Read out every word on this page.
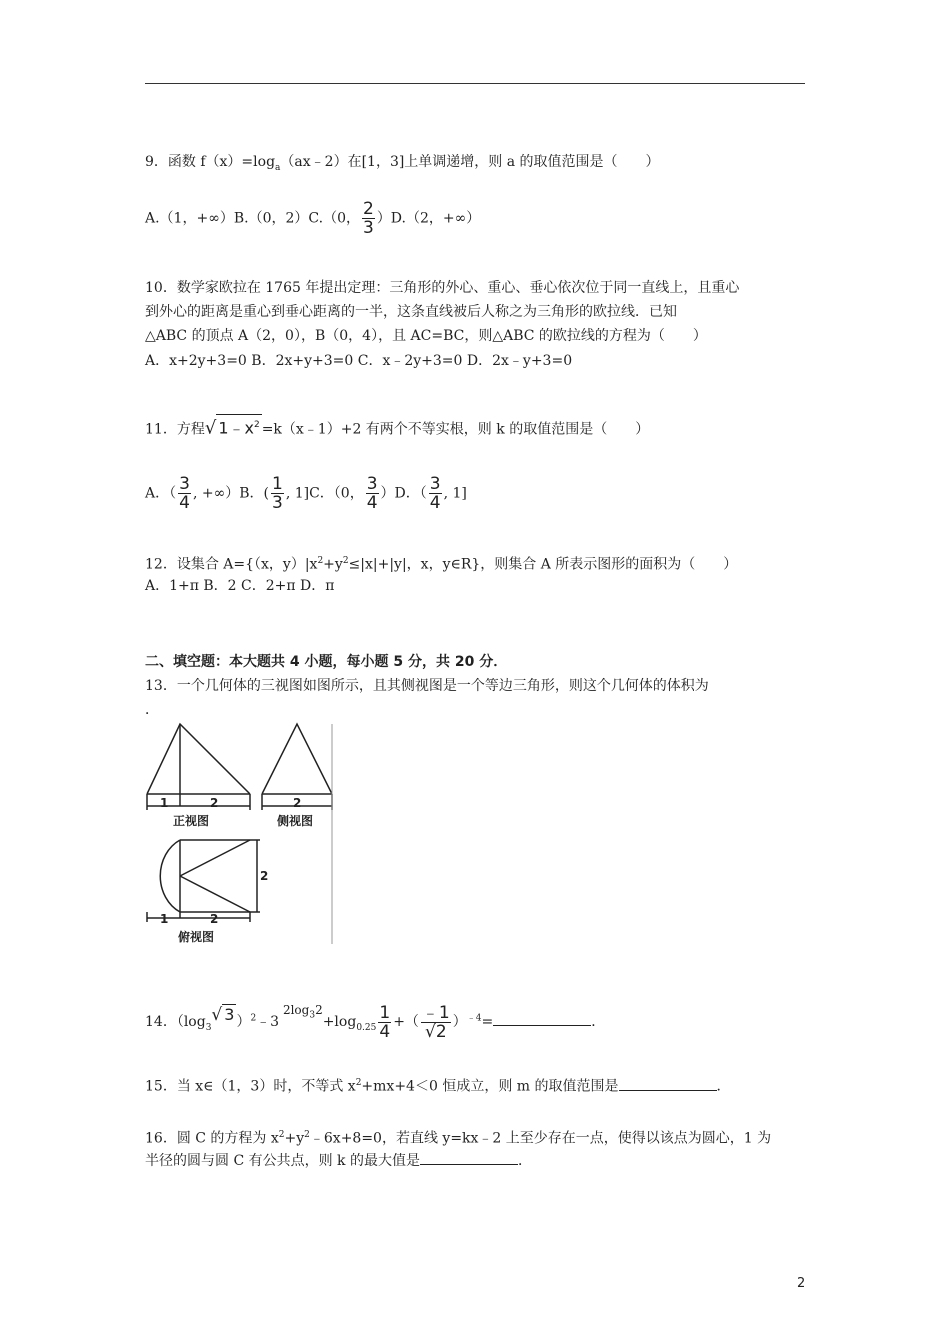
9．函数 $f(x)=\log_a(ax﹣2)$在[1，3]上单调递增，则 a 的取值范围是（　　）
A.（1，+∞）B.（0，2）C.（0， $\frac{2}{3} )D.(2$，+∞）
10．数学家欧拉在 1765 年提出定理：三角形的外心、重心、垂心依次位于同一直线上，且重心
到外心的距离是重心到垂心距离的一半，这条直线被后人称之为三角形的欧拉线．已知
△ABC 的顶点 A（2，0），B（0，4），且 AC=BC，则△ABC 的欧拉线的方程为（　　）
A．x+2y+3=0 B．2x+y+3=0 C．x﹣2y+3=0 D．2x﹣y+3=0
11．方程√ $1﹣x^2$ =k（x﹣1）+2 有两个不等实根，则 k 的取值范围是（　　）
A．（ $\frac{3}{4}$ , +∞）B．( $\frac{1}{3}$ , 1]C．（0， $\frac{3}{4} )D$．（ $\frac{3}{4}$ , 1]
12．设集合 A={（x，$y)|x^2+y^2\le|x|+|y|$，x，y∈R}，则集合 A 所表示图形的面积为（　　）
A．1+π B．2 C．2+π D．π
二、填空题：本大题共 4 小题，每小题 5 分，共 20 分．
13．一个几何体的三视图如图所示，且其侧视图是一个等边三角形，则这个几何体的体积为
．
1	2	2
正视图	侧视图
2
1	2
俯视图
14．（$\log_3√$ 3 ）$^2$﹣3 $2\log_32+\log_{0.25} \frac{1}{4}$ +（ $\frac{﹣1}{√2} )^{﹣4}=$	．
15．当 x∈（1，3）时，不等式 $x^2+mx+4<0$ 恒成立，则 m 的取值范围是	．
16．圆 C 的方程为 $x^2+y^2﹣6x+8=0$，若直线 y=kx﹣2 上至少存在一点，使得以该点为圆心，1 为
半径的圆与圆 C 有公共点，则 k 的最大值是	．
2
